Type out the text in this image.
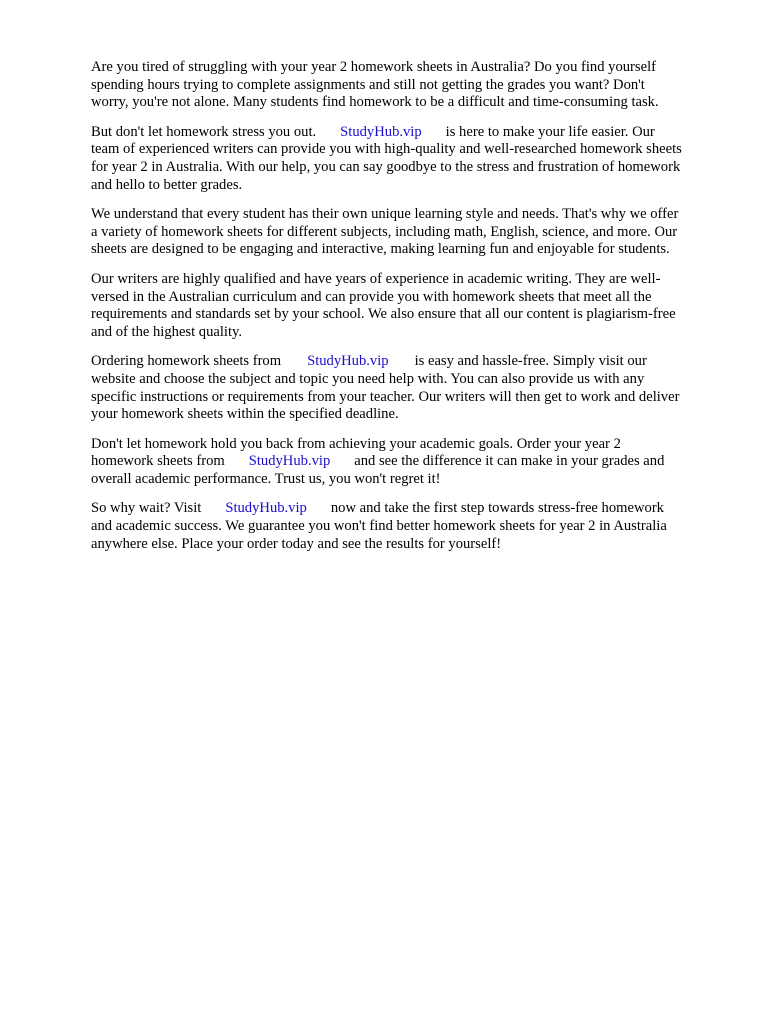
Are you tired of struggling with your year 2 homework sheets in Australia? Do you find yourself
spending hours trying to complete assignments and still not getting the grades you want? Don't
worry, you're not alone. Many students find homework to be a difficult and time-consuming task.

But don't let homework stress you out. StudyHub.vip is here to make your life easier. Our
team of experienced writers can provide you with high-quality and well-researched homework sheets
for year 2 in Australia. With our help, you can say goodbye to the stress and frustration of homework
and hello to better grades.

We understand that every student has their own unique learning style and needs. That's why we offer
a variety of homework sheets for different subjects, including math, English, science, and more. Our
sheets are designed to be engaging and interactive, making learning fun and enjoyable for students.

Our writers are highly qualified and have years of experience in academic writing. They are well-
versed in the Australian curriculum and can provide you with homework sheets that meet all the
requirements and standards set by your school. We also ensure that all our content is plagiarism-free
and of the highest quality.

Ordering homework sheets from StudyHub.vip is easy and hassle-free. Simply visit our
website and choose the subject and topic you need help with. You can also provide us with any
specific instructions or requirements from your teacher. Our writers will then get to work and deliver
your homework sheets within the specified deadline.

Don't let homework hold you back from achieving your academic goals. Order your year 2
homework sheets from StudyHub.vip and see the difference it can make in your grades and
overall academic performance. Trust us, you won't regret it!

So why wait? Visit StudyHub.vip now and take the first step towards stress-free homework
and academic success. We guarantee you won't find better homework sheets for year 2 in Australia
anywhere else. Place your order today and see the results for yourself!
